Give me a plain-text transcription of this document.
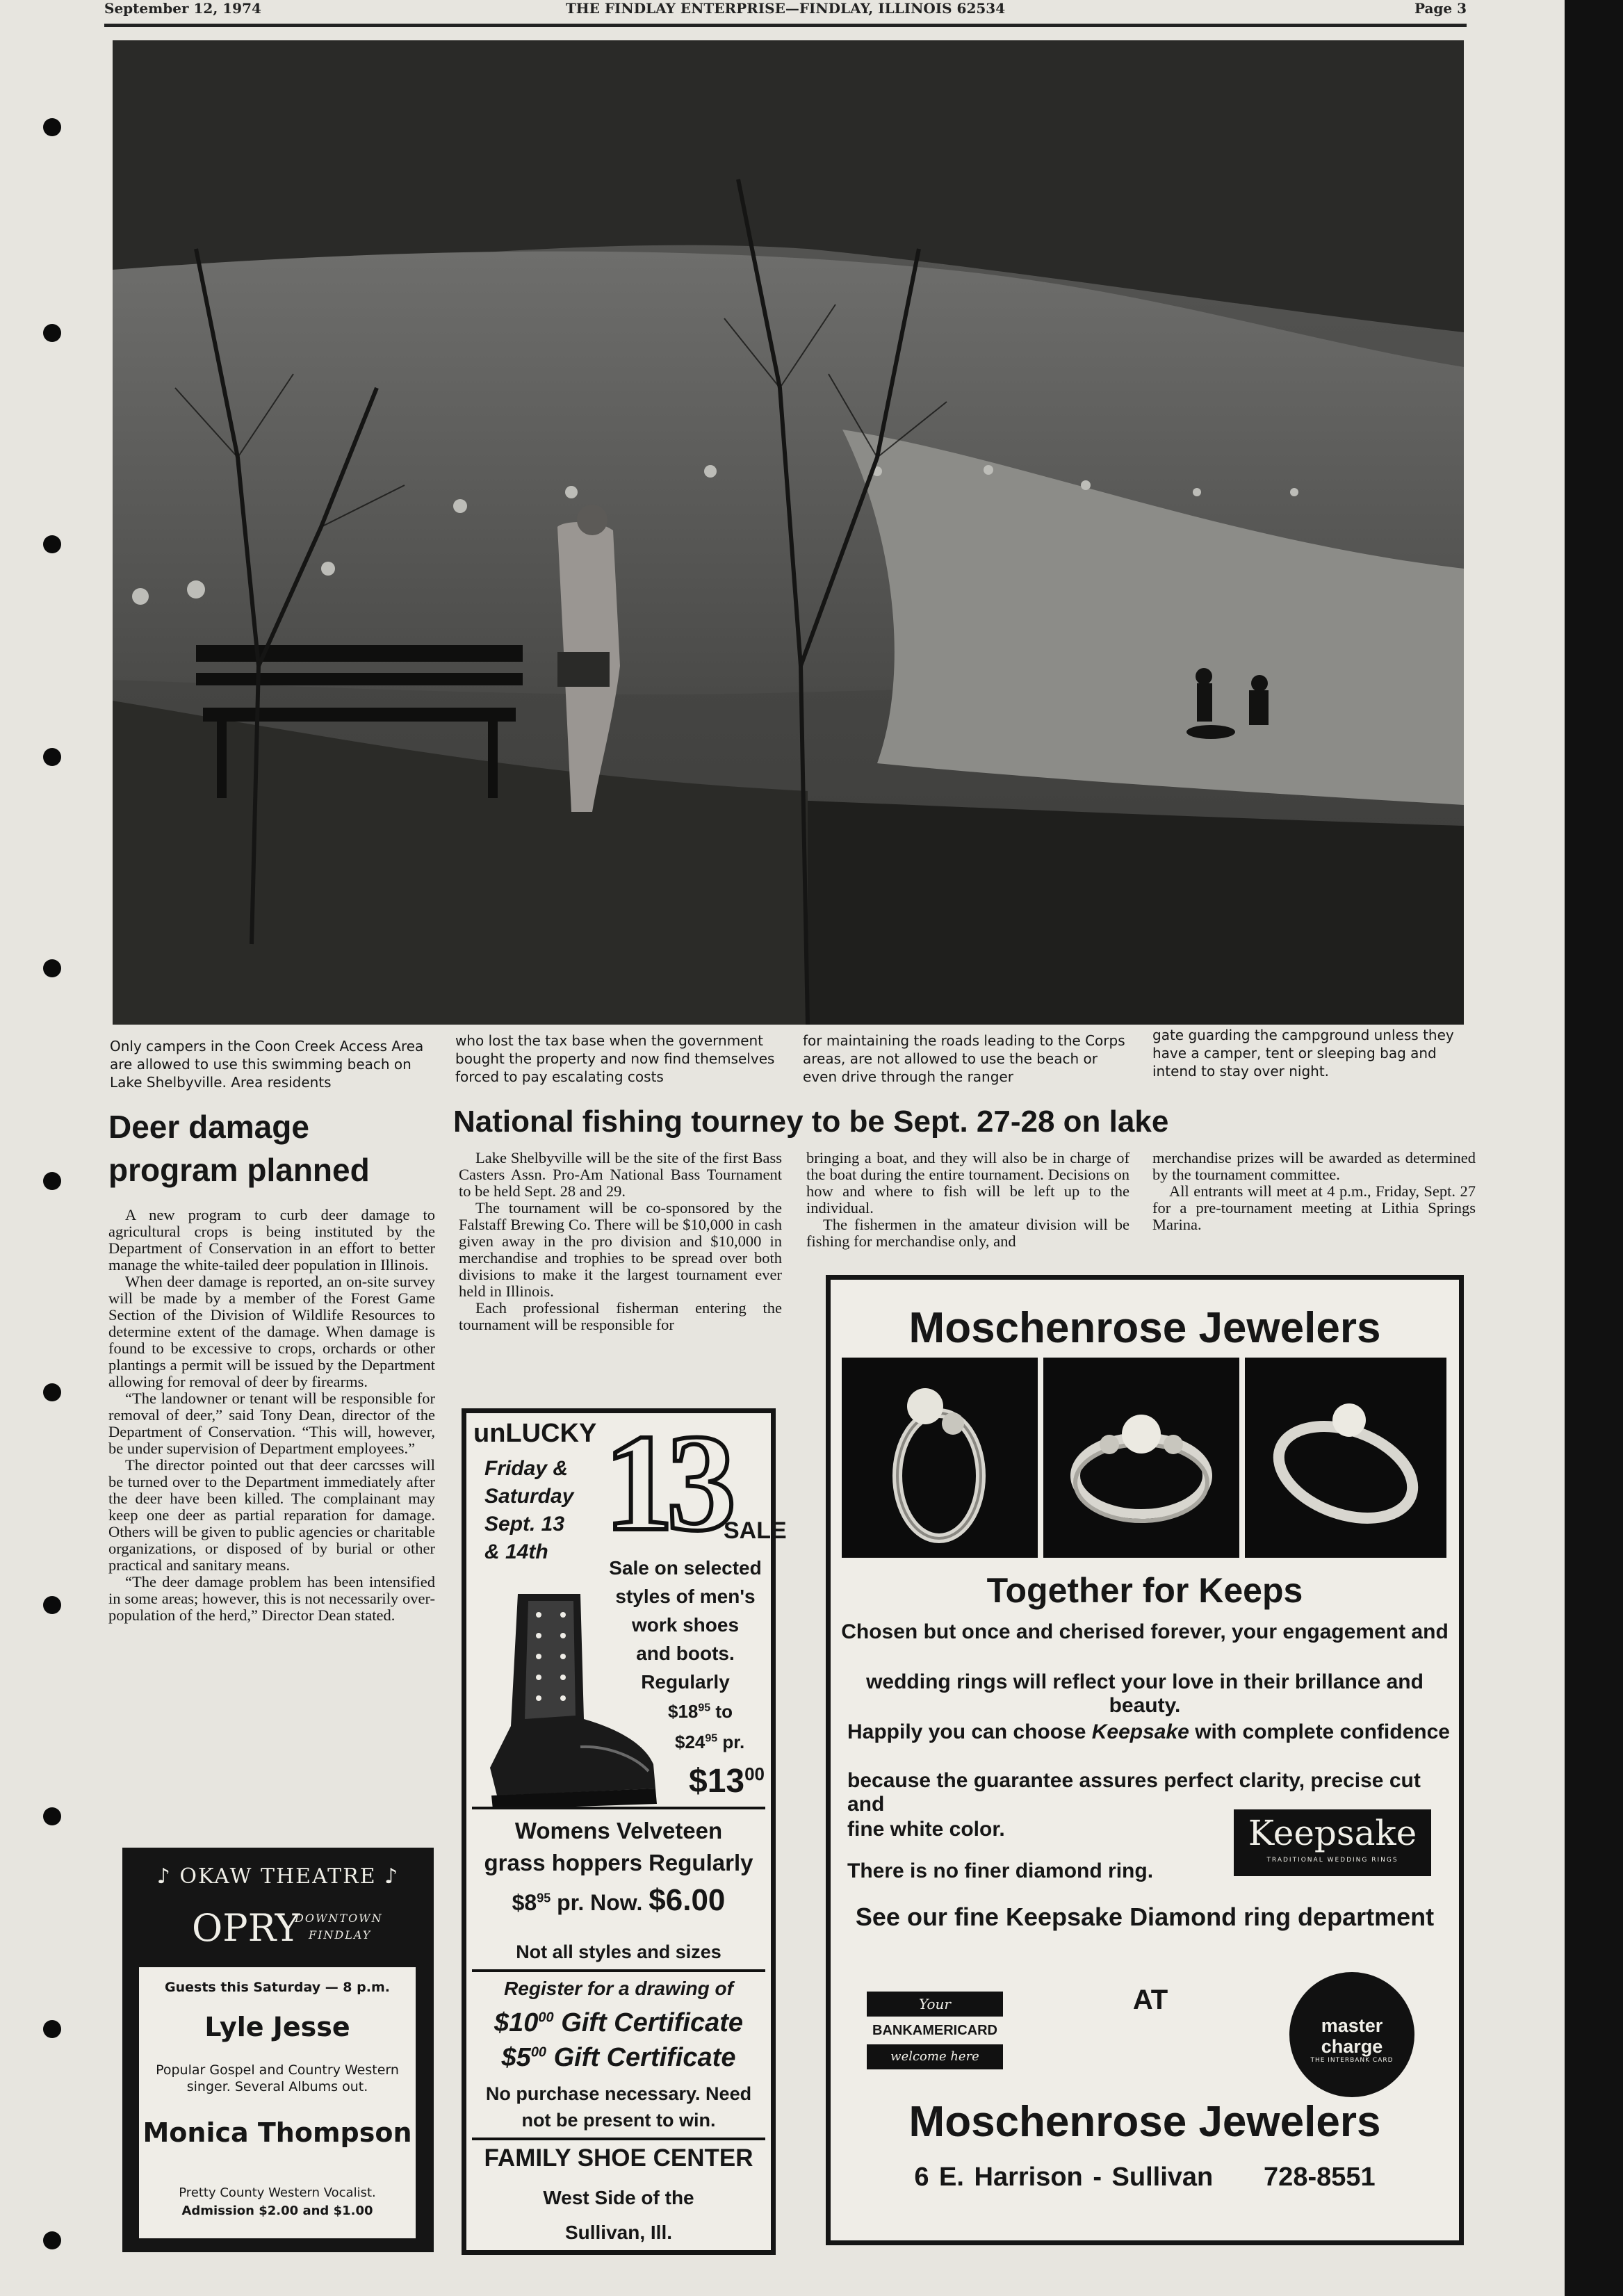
September 12, 1974	THE FINDLAY ENTERPRISE—FINDLAY, ILLINOIS 62534	Page 3
Only campers in the Coon Creek Access Area are allowed to use this swimming beach on Lake Shelbyville. Area residents
who lost the tax base when the government bought the property and now find themselves forced to pay escalating costs
for maintaining the roads leading to the Corps areas, are not allowed to use the beach or even drive through the ranger
gate guarding the campground unless they have a camper, tent or sleeping bag and intend to stay over night.
Deer damage
program planned

A new program to curb deer damage to agricultural crops is being instituted by the Department of Conservation in an effort to better manage the white-tailed deer population in Illinois.

When deer damage is reported, an on-site survey will be made by a member of the Forest Game Section of the Division of Wildlife Resources to determine extent of the damage. When damage is found to be excessive to crops, orchards or other plantings a permit will be issued by the Department allowing for removal of deer by firearms.

“The landowner or tenant will be responsible for removal of deer,” said Tony Dean, director of the Department of Conservation. “This will, however, be under supervision of Department employees.”

The director pointed out that deer carcsses will be turned over to the Department immediately after the deer have been killed. The complainant may keep one deer as partial reparation for damage. Others will be given to public agencies or charitable organizations, or disposed of by burial or other practical and sanitary means.

“The deer damage problem has been intensified in some areas; however, this is not necessarily over-population of the herd,” Director Dean stated.

National fishing tourney to be Sept. 27-28 on lake

Lake Shelbyville will be the site of the first Bass Casters Assn. Pro-Am National Bass Tournament to be held Sept. 28 and 29.

The tournament will be co-sponsored by the Falstaff Brewing Co. There will be $10,000 in cash given away in the pro division and $10,000 in merchandise and trophies to be spread over both divisions to make it the largest tournament ever held in Illinois.

Each professional fisherman entering the tournament will be responsible for

bringing a boat, and they will also be in charge of the boat during the entire tournament. Decisions on how and where to fish will be left up to the individual.

The fishermen in the amateur division will be fishing for merchandise only, and

merchandise prizes will be awarded as determined by the tournament committee.

All entrants will meet at 4 p.m., Friday, Sept. 27 for a pre-tournament meeting at Lithia Springs Marina.

♪ OKAW THEATRE ♪
OPRY
DOWNTOWN
FINDLAY
Guests this Saturday — 8 p.m.
Lyle Jesse
Popular Gospel and Country Western singer. Several Albums out.
Monica Thompson
Pretty County Western Vocalist.
Admission $2.00 and $1.00
unLUCKY
Friday &
Saturday
Sept. 13
& 14th 13
SALE
Sale on selected
styles of men's
work shoes
and boots.
Regularly
$\$18^{95}$ to
$\$24^{95}$ pr.
$\$13^{00}$
Womens Velveteen
grass hoppers Regularly
$\$8^{95}$ pr. Now. $6.00
Not all styles and sizes
Register for a drawing of
$\$10^{00}$ Gift Certificate
$\$5^{00}$ Gift Certificate
No purchase necessary. Need
not be present to win.
FAMILY SHOE CENTER
West Side of the
Sullivan, Ill.
Moschenrose Jewelers
Together for Keeps
Chosen but once and cherised forever, your engagement and
wedding rings will reflect your love in their brillance and beauty.
Happily you can choose Keepsake with complete confidence
because the guarantee assures perfect clarity, precise cut and
fine white color.
There is no finer diamond ring.
Keepsake
TRADITIONAL WEDDING RINGS
See our fine Keepsake Diamond ring department
Your
BANKAMERICARD
welcome here
AT
master charge
THE INTERBANK CARD
Moschenrose Jewelers
6 E. Harrison - Sullivan 728-8551
